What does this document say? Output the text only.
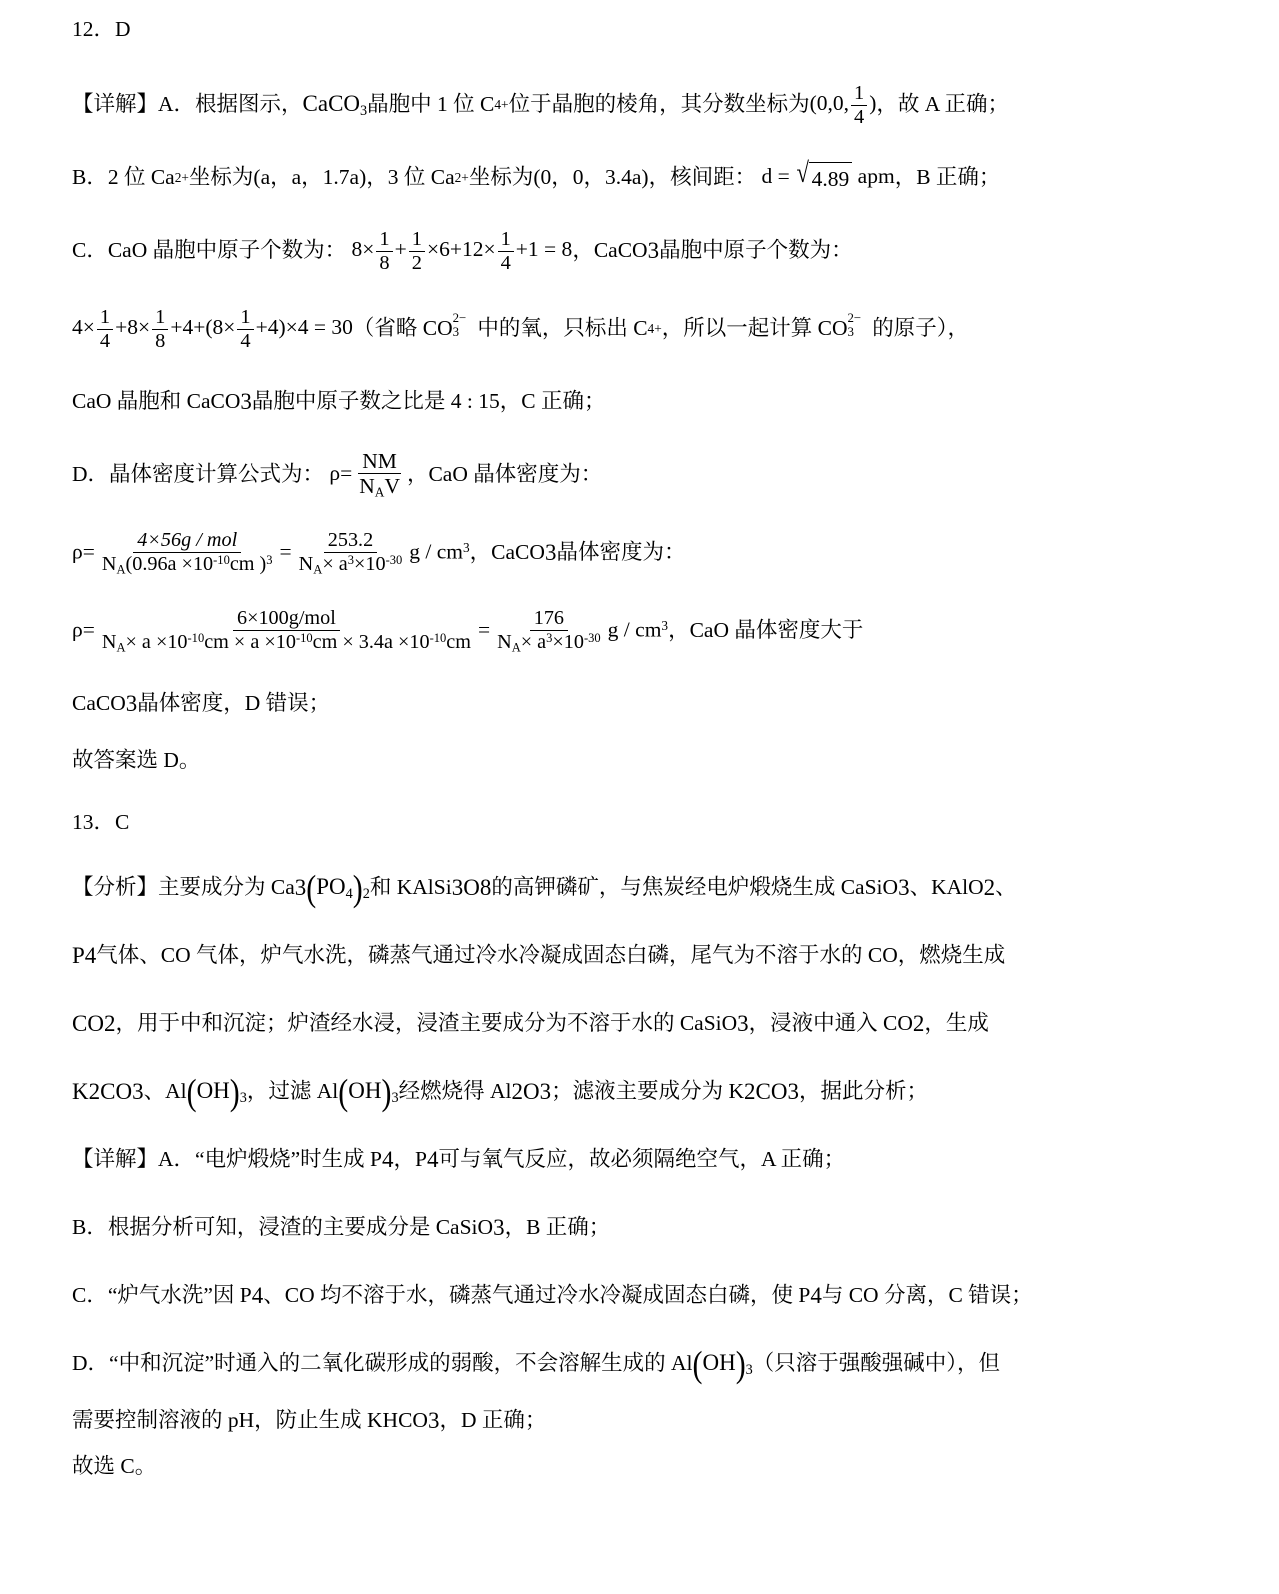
12．D
【详解】 A．根据图示， CaCO$_3$ 晶胞中 1 位 C 4+ 位于晶胞的棱角，其分数坐标为 (0,0, $\frac{1}{4}$ ) ，故 A 正确；
B．2 位 Ca 2+ 坐标为(a，a，1.7a)，3 位 Ca 2+ 坐标为(0，0，3.4a)，核间距：
d = √ 4.89 apm ，B 正确；
C．CaO 晶胞中原子个数为：
$8\times \frac{1}{8} + \frac{1}{2} \times 6+12\times \frac{1}{4} +1 = 8$ ，CaCO 3 晶胞中原子个数为：
$4\times \frac{1}{4} +8\times \frac{1}{8} +4+(8\times \frac{1}{4} +4)\times 4 = 30$ （省略 CO 2−
3 中的氧，只标出 C 4+ ，所以一起计算 CO 2−
3 的原子），
CaO 晶胞和 CaCO 3 晶胞中原子数之比是 4 : 15 ，C 正确；
D．晶体密度计算公式为：
$\rho= \frac{NM}{N_AV}$ ，CaO 晶体密度为：
$\rho= \frac{\text{4×56g / mol}}{N_A(0.96a \times 10^{-10}cm )^3} = \frac{253.2}{N_A\times a^3\times 10^{-30}}$ g / $cm^3$ ，CaCO 3 晶体密度为：
$\rho= \frac{\text{6×100g/mol}}{N_A\times a \times 10^{-10}cm \times a \times 10^{-10}cm \times 3.4a \times 10^{-10}cm} = \frac{176}{N_A\times a^3\times 10^{-30}}$ g / $cm^3$ ，CaO 晶体密度大于
CaCO 3 晶体密度，D 错误；
故答案选 D。
13．C
【分析】 主要成分为 Ca 3 $(PO_4)_2$ 和 KAlSi 3 O 8 的高钾磷矿，与焦炭经电炉煅烧生成 CaSiO 3 、KAlO 2 、
P 4 气体、CO 气体，炉气水洗，磷蒸气通过冷水冷凝成固态白磷，尾气为不溶于水的 CO，燃烧生成
CO 2 ，用于中和沉淀；炉渣经水浸，浸渣主要成分为不溶于水的 CaSiO 3 ，浸液中通入 CO 2 ，生成
K 2 CO 3 、Al $(OH)_3$ ，过滤 Al $(OH)_3$ 经燃烧得 Al 2 O 3 ；滤液主要成分为 K 2 CO 3 ，据此分析；
【详解】 A．“电炉煅烧”时生成 P 4 ，P 4 可与氧气反应，故必须隔绝空气，A 正确；
B．根据分析可知，浸渣的主要成分是 CaSiO 3 ，B 正确；
C．“炉气水洗”因 P 4 、CO 均不溶于水，磷蒸气通过冷水冷凝成固态白磷，使 P 4 与 CO 分离，C 错误；
D．“中和沉淀”时通入的二氧化碳形成的弱酸，不会溶解生成的 Al $(OH)_3$ （只溶于强酸强碱中），但
需要控制溶液的 pH，防止生成 KHCO 3 ，D 正确；
故选 C。
